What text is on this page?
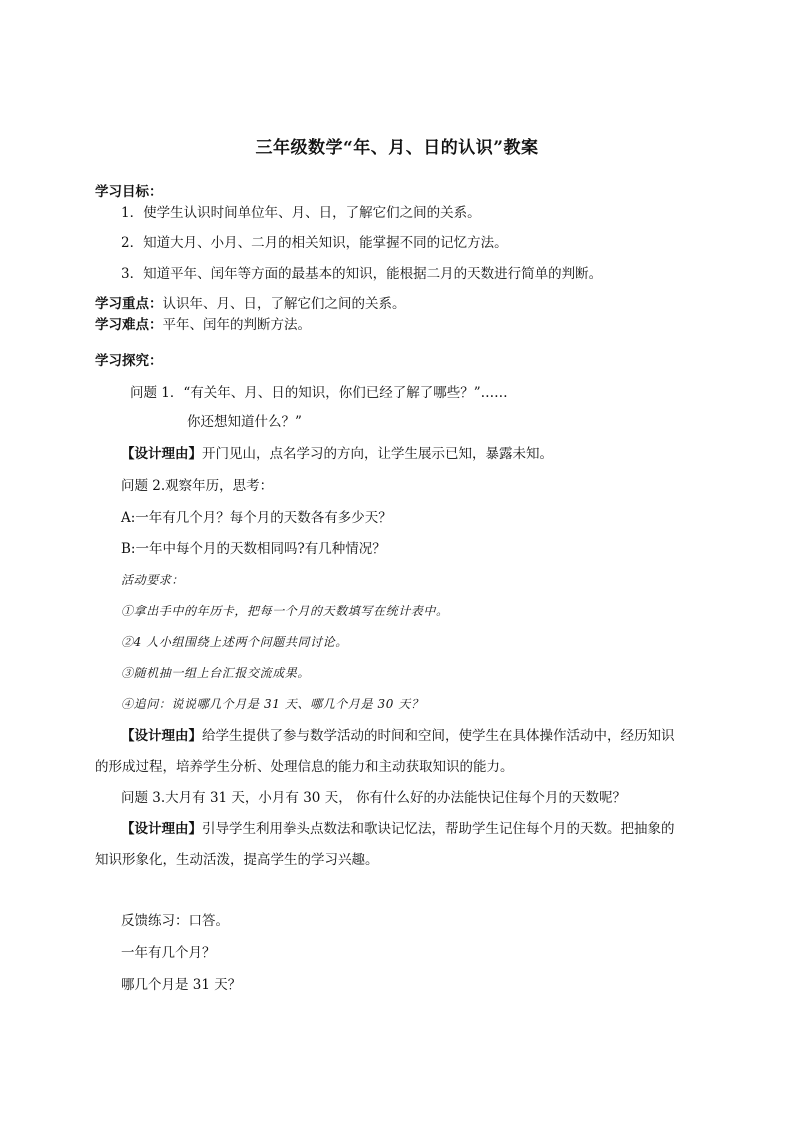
三年级数学“年、月、日的认识”教案
学习目标：
1．使学生认识时间单位年、月、日，了解它们之间的关系。
2．知道大月、小月、二月的相关知识，能掌握不同的记忆方法。
3．知道平年、闰年等方面的最基本的知识，能根据二月的天数进行简单的判断。
学习重点：认识年、月、日，了解它们之间的关系。
学习难点：平年、闰年的判断方法。
学习探究：
问题 1．“有关年、月、日的知识，你们已经了解了哪些？”……
你还想知道什么？”
【设计理由】开门见山，点名学习的方向，让学生展示已知，暴露未知。
问题 2.观察年历，思考：
A:一年有几个月？每个月的天数各有多少天？
B:一年中每个月的天数相同吗?有几种情况？
活动要求：
①拿出手中的年历卡，把每一个月的天数填写在统计表中。
②4 人小组围绕上述两个问题共同讨论。
③随机抽一组上台汇报交流成果。
④追问：说说哪几个月是 31 天、哪几个月是 30 天？
【设计理由】给学生提供了参与数学活动的时间和空间，使学生在具体操作活动中，经历知识
的形成过程，培养学生分析、处理信息的能力和主动获取知识的能力。
问题 3.大月有 31 天，小月有 30 天， 你有什么好的办法能快记住每个月的天数呢？
【设计理由】引导学生利用拳头点数法和歌诀记忆法，帮助学生记住每个月的天数。把抽象的
知识形象化，生动活泼，提高学生的学习兴趣。
反馈练习：口答。
一年有几个月？
哪几个月是 31 天？
